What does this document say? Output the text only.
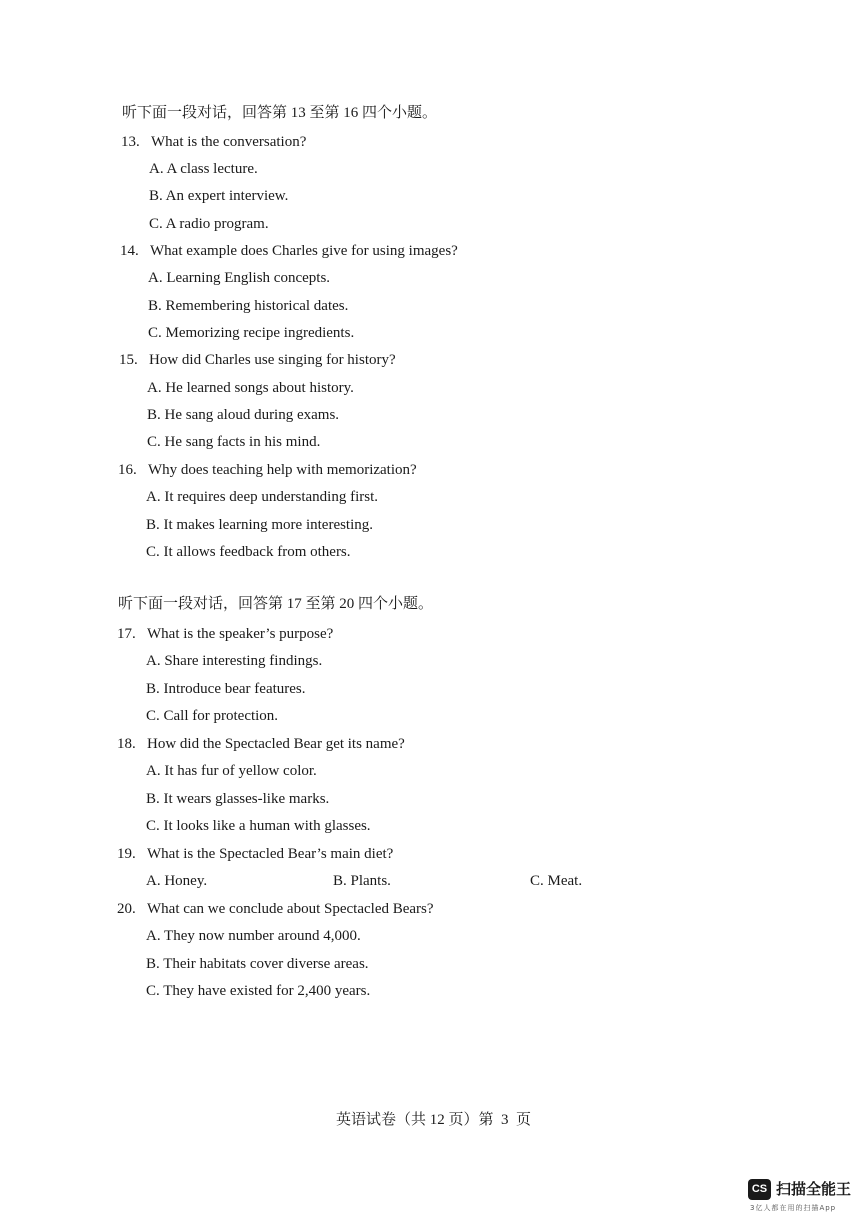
听下面一段对话，回答第 13 至第 16 四个小题。
13. What is the conversation?
A. A class lecture.
B. An expert interview.
C. A radio program.
14. What example does Charles give for using images?
A. Learning English concepts.
B. Remembering historical dates.
C. Memorizing recipe ingredients.
15. How did Charles use singing for history?
A. He learned songs about history.
B. He sang aloud during exams.
C. He sang facts in his mind.
16. Why does teaching help with memorization?
A. It requires deep understanding first.
B. It makes learning more interesting.
C. It allows feedback from others.
听下面一段对话，回答第 17 至第 20 四个小题。
17. What is the speaker’s purpose?
A. Share interesting findings.
B. Introduce bear features.
C. Call for protection.
18. How did the Spectacled Bear get its name?
A. It has fur of yellow color.
B. It wears glasses-like marks.
C. It looks like a human with glasses.
19. What is the Spectacled Bear’s main diet?
A. Honey.	B. Plants.	C. Meat.
20. What can we conclude about Spectacled Bears?
A. They now number around 4,000.
B. Their habitats cover diverse areas.
C. They have existed for 2,400 years.
英语试卷（共 12 页）第  3  页
CS 扫描全能王
3亿人都在用的扫描App
